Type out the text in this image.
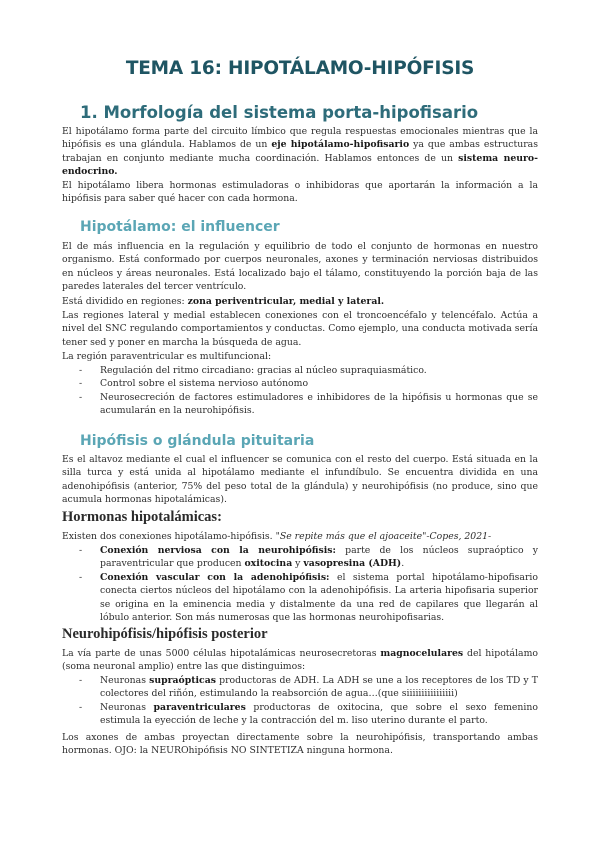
TEMA 16: HIPOTÁLAMO-HIPÓFISIS
1. Morfología del sistema porta-hipofisario
El hipotálamo forma parte del circuito límbico que regula respuestas emocionales mientras que la hipófisis es una glándula. Hablamos de un eje hipotálamo-hipofisario ya que ambas estructuras trabajan en conjunto mediante mucha coordinación. Hablamos entonces de un sistema neuro-endocrino.
El hipotálamo libera hormonas estimuladoras o inhibidoras que aportarán la información a la hipófisis para saber qué hacer con cada hormona.
Hipotálamo: el influencer
El de más influencia en la regulación y equilibrio de todo el conjunto de hormonas en nuestro organismo. Está conformado por cuerpos neuronales, axones y terminación nerviosas distribuidos en núcleos y áreas neuronales. Está localizado bajo el tálamo, constituyendo la porción baja de las paredes laterales del tercer ventrículo.
Está dividido en regiones: zona periventricular, medial y lateral.
Las regiones lateral y medial establecen conexiones con el troncoencéfalo y telencéfalo. Actúa a nivel del SNC regulando comportamientos y conductas. Como ejemplo, una conducta motivada sería tener sed y poner en marcha la búsqueda de agua.
La región paraventricular es multifuncional:
- Regulación del ritmo circadiano: gracias al núcleo supraquiasmático.
- Control sobre el sistema nervioso autónomo
- Neurosecreción de factores estimuladores e inhibidores de la hipófisis u hormonas que se acumularán en la neurohipófisis.
Hipófisis o glándula pituitaria
Es el altavoz mediante el cual el influencer se comunica con el resto del cuerpo. Está situada en la silla turca y está unida al hipotálamo mediante el infundíbulo. Se encuentra dividida en una adenohipófisis (anterior, 75% del peso total de la glándula) y neurohipófisis (no produce, sino que acumula hormonas hipotalámicas).
Hormonas hipotalámicas:
Existen dos conexiones hipotálamo-hipófisis. "Se repite más que el ajoaceite"-Copes, 2021-
- Conexión nerviosa con la neurohipófisis: parte de los núcleos supraóptico y paraventricular que producen oxitocina y vasopresina (ADH).
- Conexión vascular con la adenohipófisis: el sistema portal hipotálamo-hipofisario conecta ciertos núcleos del hipotálamo con la adenohipófisis. La arteria hipofisaria superior se origina en la eminencia media y distalmente da una red de capilares que llegarán al lóbulo anterior. Son más numerosas que las hormonas neurohipofisarias.
Neurohipófisis/hipófisis posterior
La vía parte de unas 5000 células hipotalámicas neurosecretoras magnocelulares del hipotálamo (soma neuronal amplio) entre las que distinguimos:
- Neuronas supraópticas productoras de ADH. La ADH se une a los receptores de los TD y T colectores del riñón, estimulando la reabsorción de agua…(que siiiiiiiiiiiiiiii)
- Neuronas paraventriculares productoras de oxitocina, que sobre el sexo femenino estimula la eyección de leche y la contracción del m. liso uterino durante el parto.
Los axones de ambas proyectan directamente sobre la neurohipófisis, transportando ambas hormonas. OJO: la NEUROhipófisis NO SINTETIZA ninguna hormona.
